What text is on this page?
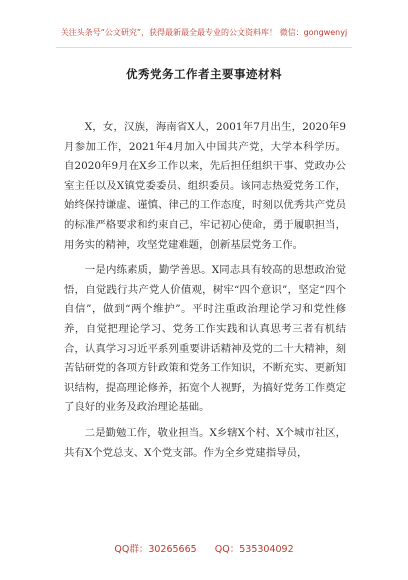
关注头条号“公文研究”，获得最新最全最专业的公文资料库！ 微信：gongwenyj
优秀党务工作者主要事迹材料

X，女，汉族，海南省X人，2001年7月出生，2020年9月参加工作，2021年4月加入中国共产党，大学本科学历。自2020年9月在X乡工作以来，先后担任组织干事、党政办公室主任以及X镇党委委员、组织委员。该同志热爱党务工作，始终保持谦虚、谨慎、律己的工作态度，时刻以优秀共产党员的标准严格要求和约束自己，牢记初心使命，勇于履职担当，用务实的精神，攻坚党建难题，创新基层党务工作。

一是内练素质，勤学善思。X同志具有较高的思想政治觉悟，自觉践行共产党人价值观，树牢“四个意识”，坚定“四个自信”，做到“两个维护”。平时注重政治理论学习和党性修养，自觉把理论学习、党务工作实践和认真思考三者有机结合，认真学习习近平系列重要讲话精神及党的二十大精神，刻苦钻研党的各项方针政策和党务工作知识，不断充实、更新知识结构，提高理论修养，拓宽个人视野，为搞好党务工作奠定了良好的业务及政治理论基础。

二是勤勉工作，敬业担当。X乡辖X个村、X个城市社区，共有X个党总支、X个党支部。作为全乡党建指导员，

QQ群：30265665      QQ：535304092
